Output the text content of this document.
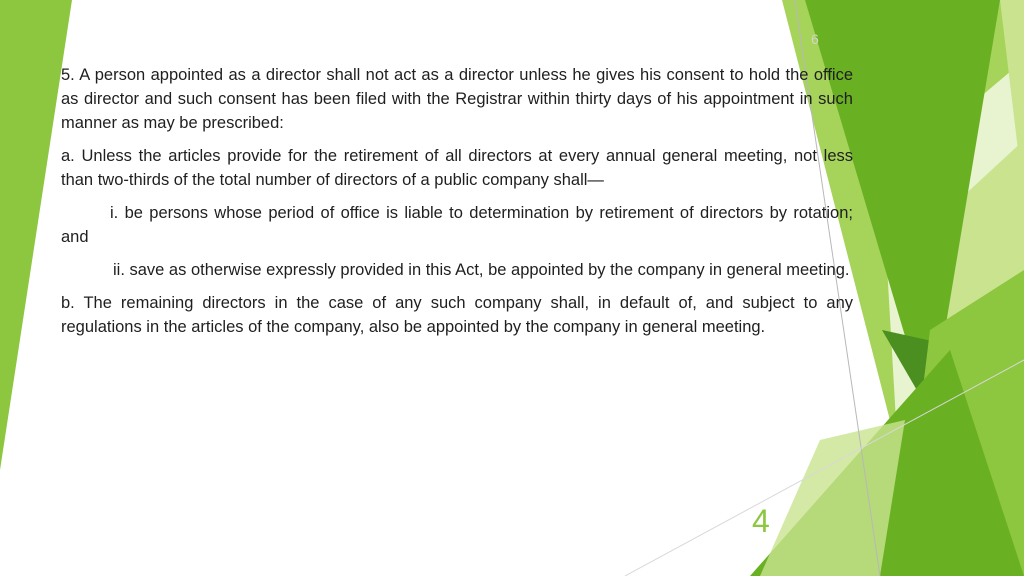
6

5. A person appointed as a director shall not act as a director unless he gives his consent to hold the office as director and such consent has been filed with the Registrar within thirty days of his appointment in such manner as may be prescribed:

a. Unless the articles provide for the retirement of all directors at every annual general meeting, not less than two-thirds of the total number of directors of a public company shall—

i. be persons whose period of office is liable to determination by retirement of directors by rotation; and

ii. save as otherwise expressly provided in this Act, be appointed by the company in general meeting.

b. The remaining directors in the case of any such company shall, in default of, and subject to any regulations in the articles of the company, also be appointed by the company in general meeting.

4
